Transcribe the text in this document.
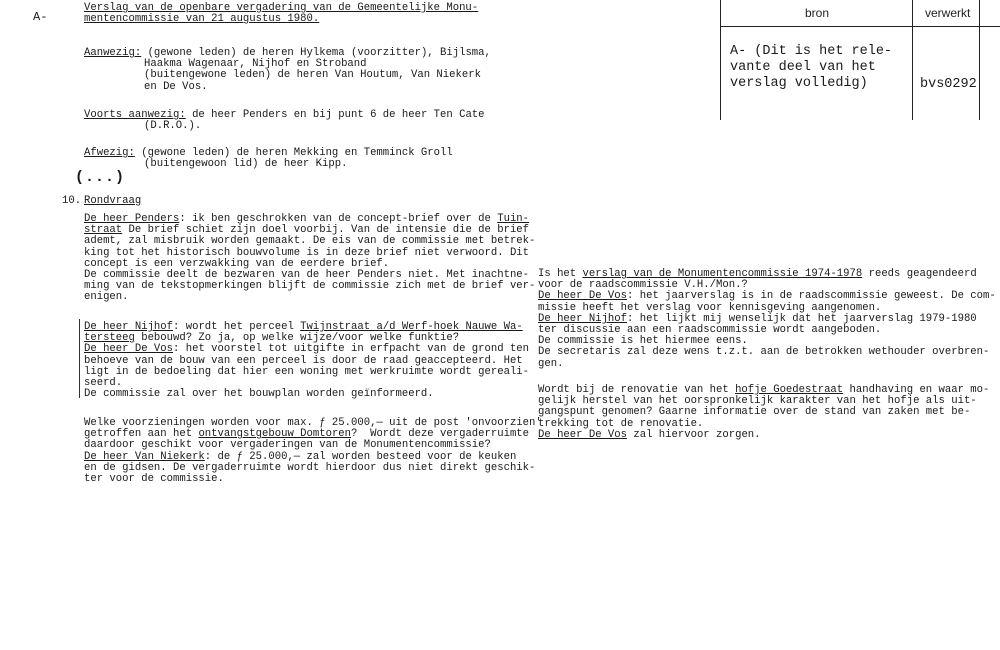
bron	verwerkt
A- (Dit is het rele-
vante deel van het
verslag volledig)	bvs0292
A-
Verslag van de openbare vergadering van de Gemeentelijke Monu-
mentencommissie van 21 augustus 1980.
Aanwezig: (gewone leden) de heren Hylkema (voorzitter), Bijlsma,
Haakma Wagenaar, Nijhof en Stroband
(buitengewone leden) de heren Van Houtum, Van Niekerk
en De Vos.
Voorts aanwezig: de heer Penders en bij punt 6 de heer Ten Cate
(D.R.O.).
Afwezig: (gewone leden) de heren Mekking en Temminck Groll
(buitengewoon lid) de heer Kipp.
(...)
10. Rondvraag
De heer Penders: ik ben geschrokken van de concept-brief over de Tuin-
straat De brief schiet zijn doel voorbij. Van de intensie die de brief
ademt, zal misbruik worden gemaakt. De eis van de commissie met betrek-
king tot het historisch bouwvolume is in deze brief niet verwoord. Dit
concept is een verzwakking van de eerdere brief.
De commissie deelt de bezwaren van de heer Penders niet. Met inachtne-
ming van de tekstopmerkingen blijft de commissie zich met de brief ver-
enigen.
De heer Nijhof: wordt het perceel Twijnstraat a/d Werf-hoek Nauwe Wa-
tersteeg bebouwd? Zo ja, op welke wijze/voor welke funktie?
De heer De Vos: het voorstel tot uitgifte in erfpacht van de grond ten
behoeve van de bouw van een perceel is door de raad geaccepteerd. Het
ligt in de bedoeling dat hier een woning met werkruimte wordt gereali-
seerd.
De commissie zal over het bouwplan worden geïnformeerd.
Welke voorzieningen worden voor max. ƒ 25.000,— uit de post 'onvoorzien'
getroffen aan het ontvangstgebouw Domtoren?  Wordt deze vergaderruimte
daardoor geschikt voor vergaderingen van de Monumentencommissie?
De heer Van Niekerk: de ƒ 25.000,— zal worden besteed voor de keuken
en de gidsen. De vergaderruimte wordt hierdoor dus niet direkt geschik-
ter voor de commissie.
Is het verslag van de Monumentencommissie 1974-1978 reeds geagendeerd
voor de raadscommissie V.H./Mon.?
De heer De Vos: het jaarverslag is in de raadscommissie geweest. De com-
missie heeft het verslag voor kennisgeving aangenomen.
De heer Nijhof: het lijkt mij wenselijk dat het jaarverslag 1979-1980
ter discussie aan een raadscommissie wordt aangeboden.
De commissie is het hiermee eens.
De secretaris zal deze wens t.z.t. aan de betrokken wethouder overbren-
gen.
Wordt bij de renovatie van het hofje Goedestraat handhaving en waar mo-
gelijk herstel van het oorspronkelijk karakter van het hofje als uit-
gangspunt genomen? Gaarne informatie over de stand van zaken met be-
trekking tot de renovatie.
De heer De Vos zal hiervoor zorgen.
